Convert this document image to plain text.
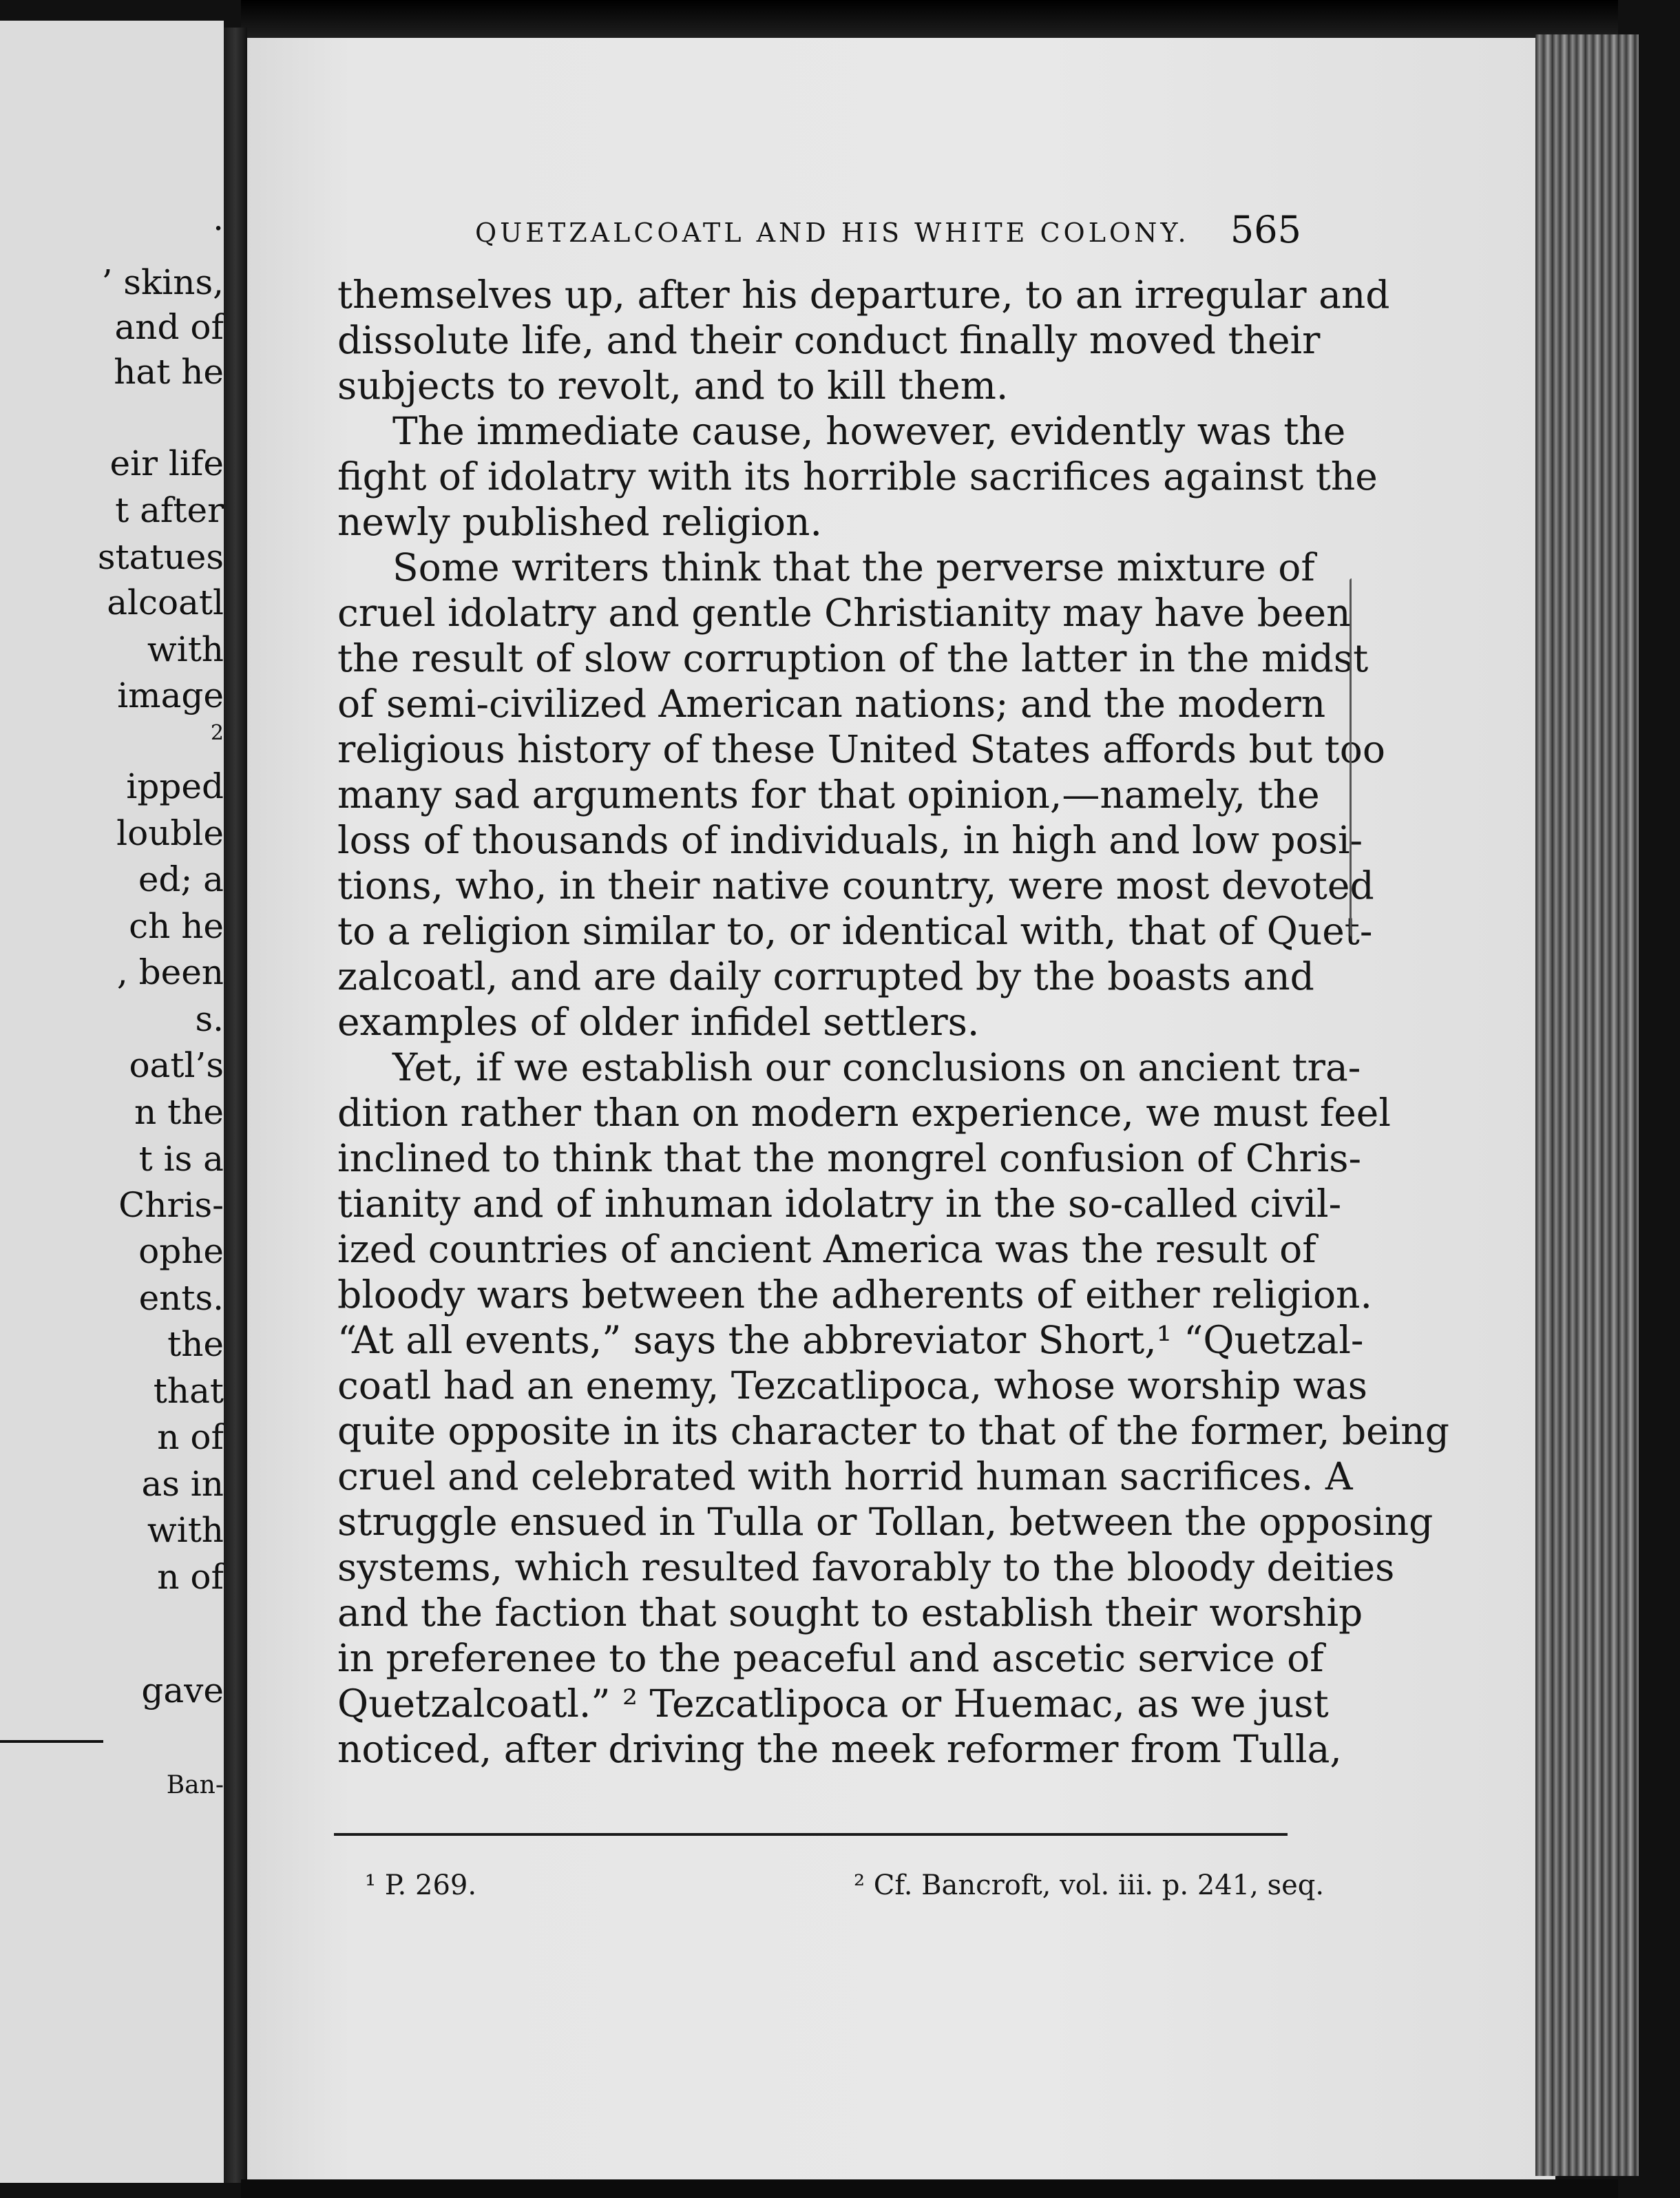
.
’ skins,
and of
hat he
eir life
t after
statues
alcoatl
with
image
2
ipped
louble
ed; a
ch he
, been
s.
oatl’s
n the
t is a
Chris-
ophe
ents.
the
that
n of
as in
with
n of
gave
Ban-
QUETZALCOATL AND HIS WHITE COLONY. 565
themselves up, after his departure, to an irregular and
dissolute life, and their conduct finally moved their
subjects to revolt, and to kill them.
The immediate cause, however, evidently was the
fight of idolatry with its horrible sacrifices against the
newly published religion.
Some writers think that the perverse mixture of
cruel idolatry and gentle Christianity may have been
the result of slow corruption of the latter in the midst
of semi-civilized American nations; and the modern
religious history of these United States affords but too
many sad arguments for that opinion,—namely, the
loss of thousands of individuals, in high and low posi-
tions, who, in their native country, were most devoted
to a religion similar to, or identical with, that of Quet-
zalcoatl, and are daily corrupted by the boasts and
examples of older infidel settlers.
Yet, if we establish our conclusions on ancient tra-
dition rather than on modern experience, we must feel
inclined to think that the mongrel confusion of Chris-
tianity and of inhuman idolatry in the so-called civil-
ized countries of ancient America was the result of
bloody wars between the adherents of either religion.
“At all events,” says the abbreviator Short,¹ “Quetzal-
coatl had an enemy, Tezcatlipoca, whose worship was
quite opposite in its character to that of the former, being
cruel and celebrated with horrid human sacrifices. A
struggle ensued in Tulla or Tollan, between the opposing
systems, which resulted favorably to the bloody deities
and the faction that sought to establish their worship
in preferenee to the peaceful and ascetic service of
Quetzalcoatl.” ² Tezcatlipoca or Huemac, as we just
noticed, after driving the meek reformer from Tulla,
¹ P. 269.	² Cf. Bancroft, vol. iii. p. 241, seq.
